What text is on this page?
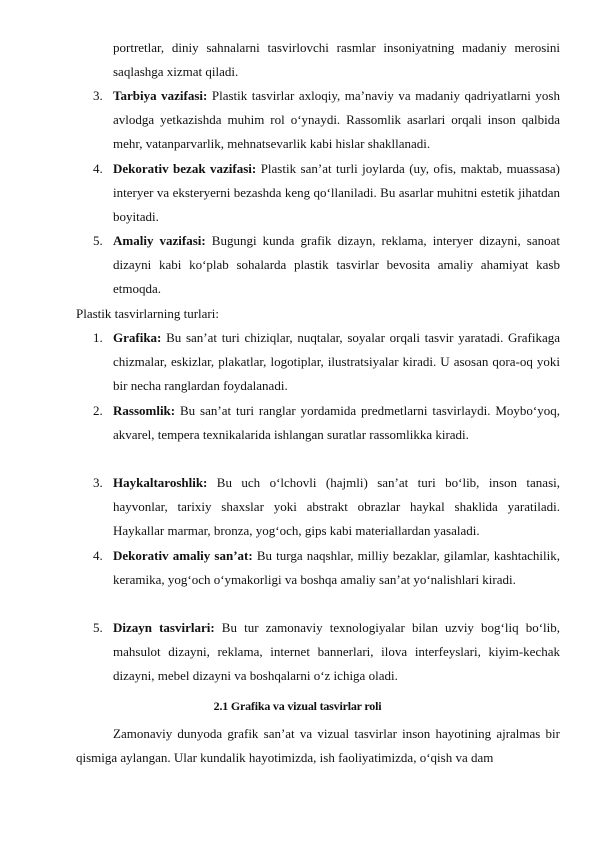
portretlar, diniy sahnalarni tasvirlovchi rasmlar insoniyatning madaniy merosini saqlashga xizmat qiladi.
3. Tarbiya vazifasi: Plastik tasvirlar axloqiy, ma’naviy va madaniy qadriyatlarni yosh avlodga yetkazishda muhim rol o‘ynaydi. Rassomlik asarlari orqali inson qalbida mehr, vatanparvarlik, mehnatsevarlik kabi hislar shakllanadi.
4. Dekorativ bezak vazifasi: Plastik san’at turli joylarda (uy, ofis, maktab, muassasa) interyer va eksteryerni bezashda keng qo‘llaniladi. Bu asarlar muhitni estetik jihatdan boyitadi.
5. Amaliy vazifasi: Bugungi kunda grafik dizayn, reklama, interyer dizayni, sanoat dizayni kabi ko‘plab sohalarda plastik tasvirlar bevosita amaliy ahamiyat kasb etmoqda.
Plastik tasvirlarning turlari:
1. Grafika: Bu san’at turi chiziqlar, nuqtalar, soyalar orqali tasvir yaratadi. Grafikaga chizmalar, eskizlar, plakatlar, logotiplar, ilustratsiyalar kiradi. U asosan qora-oq yoki bir necha ranglardan foydalanadi.
2. Rassomlik: Bu san’at turi ranglar yordamida predmetlarni tasvirlaydi. Moybo‘yoq, akvarel, tempera texnikalarida ishlangan suratlar rassomlikka kiradi.
3. Haykaltaroshlik: Bu uch o‘lchovli (hajmli) san’at turi bo‘lib, inson tanasi, hayvonlar, tarixiy shaxslar yoki abstrakt obrazlar haykal shaklida yaratiladi. Haykallar marmar, bronza, yog‘och, gips kabi materiallardan yasaladi.
4. Dekorativ amaliy san’at: Bu turga naqshlar, milliy bezaklar, gilamlar, kashtachilik, keramika, yog‘och o‘ymakorligi va boshqa amaliy san’at yo‘nalishlari kiradi.
5. Dizayn tasvirlari: Bu tur zamonaviy texnologiyalar bilan uzviy bog‘liq bo‘lib, mahsulot dizayni, reklama, internet bannerlari, ilova interfeyslari, kiyim-kechak dizayni, mebel dizayni va boshqalarni o‘z ichiga oladi.
2.1 Grafika va vizual tasvirlar roli
Zamonaviy dunyoda grafik san’at va vizual tasvirlar inson hayotining ajralmas bir qismiga aylangan. Ular kundalik hayotimizda, ish faoliyatimizda, o‘qish va dam
